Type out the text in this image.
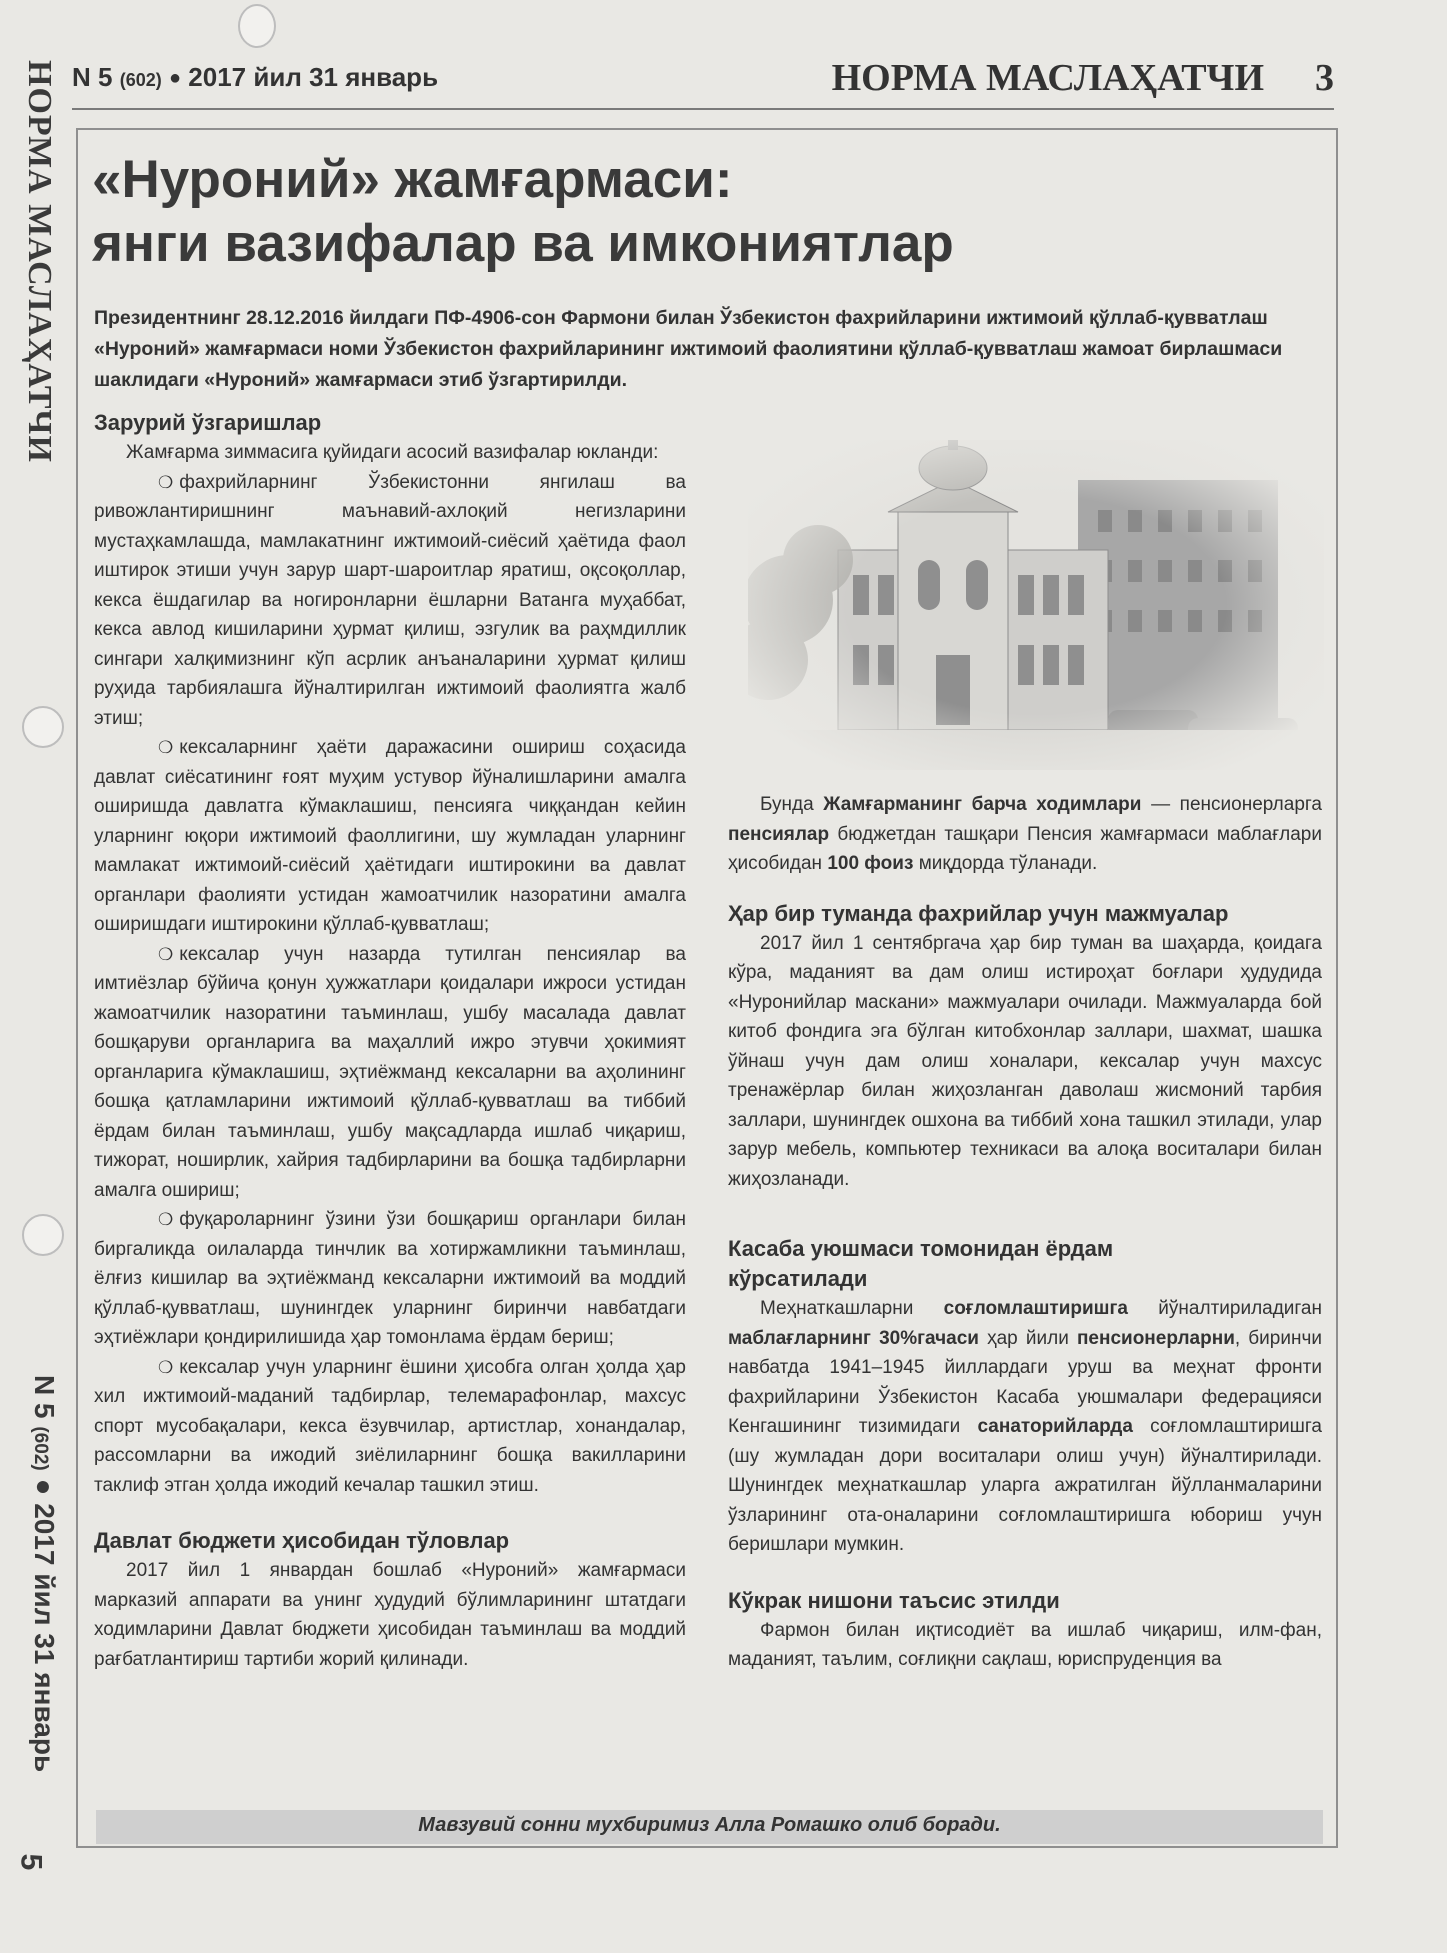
НОРМА МАСЛАҲАТЧИ
N 5 (602) ● 2017 йил 31 январь
5
N 5 (602) ● 2017 йил 31 январь	НОРМА МАСЛАҲАТЧИ 3
«Нуроний» жамғармаси:
янги вазифалар ва имкониятлар
Президентнинг 28.12.2016 йилдаги ПФ-4906-сон Фармони билан Ўзбекистон фахрийларини ижтимоий қўллаб-қувватлаш «Нуроний» жамғармаси номи Ўзбекистон фахрийларининг ижтимоий фаолиятини қўллаб-қувватлаш жамоат бирлашмаси шаклидаги «Нуроний» жамғармаси этиб ўзгартирилди.
Зарурий ўзгаришлар

Жамғарма зиммасига қуйидаги асосий вазифалар юкланди:

❍ фахрийларнинг Ўзбекистонни янгилаш ва ривожлантиришнинг маънавий-ахлоқий негизларини мустаҳкамлашда, мамлакатнинг ижтимоий-сиёсий ҳаётида фаол иштирок этиши учун зарур шарт-шароитлар яратиш, оқсоқоллар, кекса ёшдагилар ва ногиронларни ёшларни Ватанга муҳаббат, кекса авлод кишиларини ҳурмат қилиш, эзгулик ва раҳмдиллик сингари халқимизнинг кўп асрлик анъаналарини ҳурмат қилиш руҳида тарбиялашга йўналтирилган ижтимоий фаолиятга жалб этиш;

❍ кексаларнинг ҳаёти даражасини ошириш соҳасида давлат сиёсатининг ғоят муҳим устувор йўналишларини амалга оширишда давлатга кўмаклашиш, пенсияга чиққандан кейин уларнинг юқори ижтимоий фаоллигини, шу жумладан уларнинг мамлакат ижтимоий-сиёсий ҳаётидаги иштирокини ва давлат органлари фаолияти устидан жамоатчилик назоратини амалга оширишдаги иштирокини қўллаб-қувватлаш;

❍ кексалар учун назарда тутилган пенсиялар ва имтиёзлар бўйича қонун ҳужжатлари қоидалари ижроси устидан жамоатчилик назоратини таъминлаш, ушбу масалада давлат бошқаруви органларига ва маҳаллий ижро этувчи ҳокимият органларига кўмаклашиш, эҳтиёжманд кексаларни ва аҳолининг бошқа қатламларини ижтимоий қўллаб-қувватлаш ва тиббий ёрдам билан таъминлаш, ушбу мақсадларда ишлаб чиқариш, тижорат, ноширлик, хайрия тадбирларини ва бошқа тадбирларни амалга ошириш;

❍ фуқароларнинг ўзини ўзи бошқариш органлари билан биргаликда оилаларда тинчлик ва хотиржамликни таъминлаш, ёлғиз кишилар ва эҳтиёжманд кексаларни ижтимоий ва моддий қўллаб-қувватлаш, шунингдек уларнинг биринчи навбатдаги эҳтиёжлари қондирилишида ҳар томонлама ёрдам бериш;

❍ кексалар учун уларнинг ёшини ҳисобга олган ҳолда ҳар хил ижтимоий-маданий тадбирлар, телемарафонлар, махсус спорт мусобақалари, кекса ёзувчилар, артистлар, хонандалар, рассомларни ва ижодий зиёлиларнинг бошқа вакилларини таклиф этган ҳолда ижодий кечалар ташкил этиш.

Давлат бюджети ҳисобидан тўловлар

2017 йил 1 январдан бошлаб «Нуроний» жамғармаси марказий аппарати ва унинг ҳудудий бўлимларининг штатдаги ходимларини Давлат бюджети ҳисобидан таъминлаш ва моддий рағбатлантириш тартиби жорий қилинади.

Бунда Жамғарманинг барча ходимлари — пенсионерларга пенсиялар бюджетдан ташқари Пенсия жамғармаси маблағлари ҳисобидан 100 фоиз миқдорда тўланади.

Ҳар бир туманда фахрийлар учун мажмуалар

2017 йил 1 сентябргача ҳар бир туман ва шаҳарда, қоидага кўра, маданият ва дам олиш истироҳат боғлари ҳудудида «Нуронийлар маскани» мажмуалари очилади. Мажмуаларда бой китоб фондига эга бўлган китобхонлар заллари, шахмат, шашка ўйнаш учун дам олиш хоналари, кексалар учун махсус тренажёрлар билан жиҳозланган даволаш жисмоний тарбия заллари, шунингдек ошхона ва тиббий хона ташкил этилади, улар зарур мебель, компьютер техникаси ва алоқа воситалари билан жиҳозланади.

Касаба уюшмаси томонидан ёрдам кўрсатилади

Меҳнаткашларни соғломлаштиришга йўналтириладиган маблағларнинг 30%гачаси ҳар йили пенсионерларни, биринчи навбатда 1941–1945 йиллардаги уруш ва меҳнат фронти фахрийларини Ўзбекистон Касаба уюшмалари федерацияси Кенгашининг тизимидаги санаторийларда соғломлаштиришга (шу жумладан дори воситалари олиш учун) йўналтирилади. Шунингдек меҳнаткашлар уларга ажратилган йўлланмаларини ўзларининг ота-оналарини соғломлаштиришга юбориш учун беришлари мумкин.

Кўкрак нишони таъсис этилди

Фармон билан иқтисодиёт ва ишлаб чиқариш, илм-фан, маданият, таълим, соғлиқни сақлаш, юриспруденция ва

Мавзувий сонни мухбиримиз Алла Ромашко олиб боради.
